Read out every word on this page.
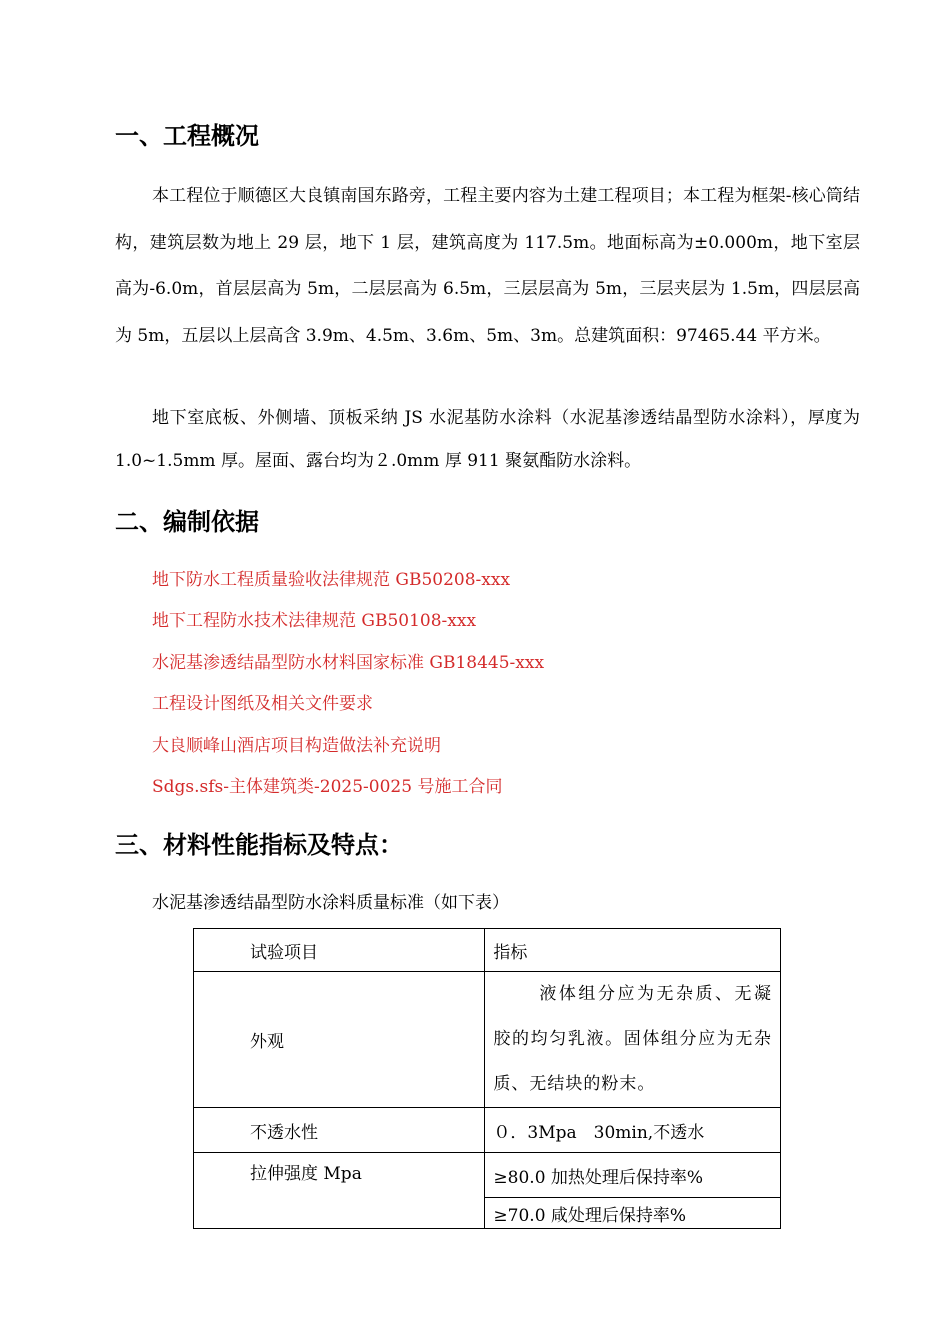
一、工程概况

本工程位于顺德区大良镇南国东路旁，工程主要内容为土建工程项目；本工程为框架-核心筒结构，建筑层数为地上 29 层，地下 1 层，建筑高度为 117.5m。地面标高为±0.000m，地下室层高为-6.0m，首层层高为 5m，二层层高为 6.5m，三层层高为 5m，三层夹层为 1.5m，四层层高为 5m，五层以上层高含 3.9m、4.5m、3.6m、5m、3m。总建筑面积：97465.44 平方米。

地下室底板、外侧墙、顶板采纳 JS 水泥基防水涂料（水泥基渗透结晶型防水涂料），厚度为 1.0~1.5mm 厚。屋面、露台均为２.0mm 厚 911 聚氨酯防水涂料。

二、编制依据
地下防水工程质量验收法律规范 GB50208-xxx
地下工程防水技术法律规范 GB50108-xxx
水泥基渗透结晶型防水材料国家标准 GB18445-xxx
工程设计图纸及相关文件要求
大良顺峰山酒店项目构造做法补充说明
Sdgs.sfs-主体建筑类-2025-0025 号施工合同
三、材料性能指标及特点：
水泥基渗透结晶型防水涂料质量标准（如下表）
试验项目	指标
外观	液体组分应为无杂质、无凝胶的均匀乳液。固体组分应为无杂质、无结块的粉末。

不透水性	０．3Mpa　30min,不透水
拉伸强度 Mpa	≥80.0 加热处理后保持率%
	≥70.0 咸处理后保持率%
